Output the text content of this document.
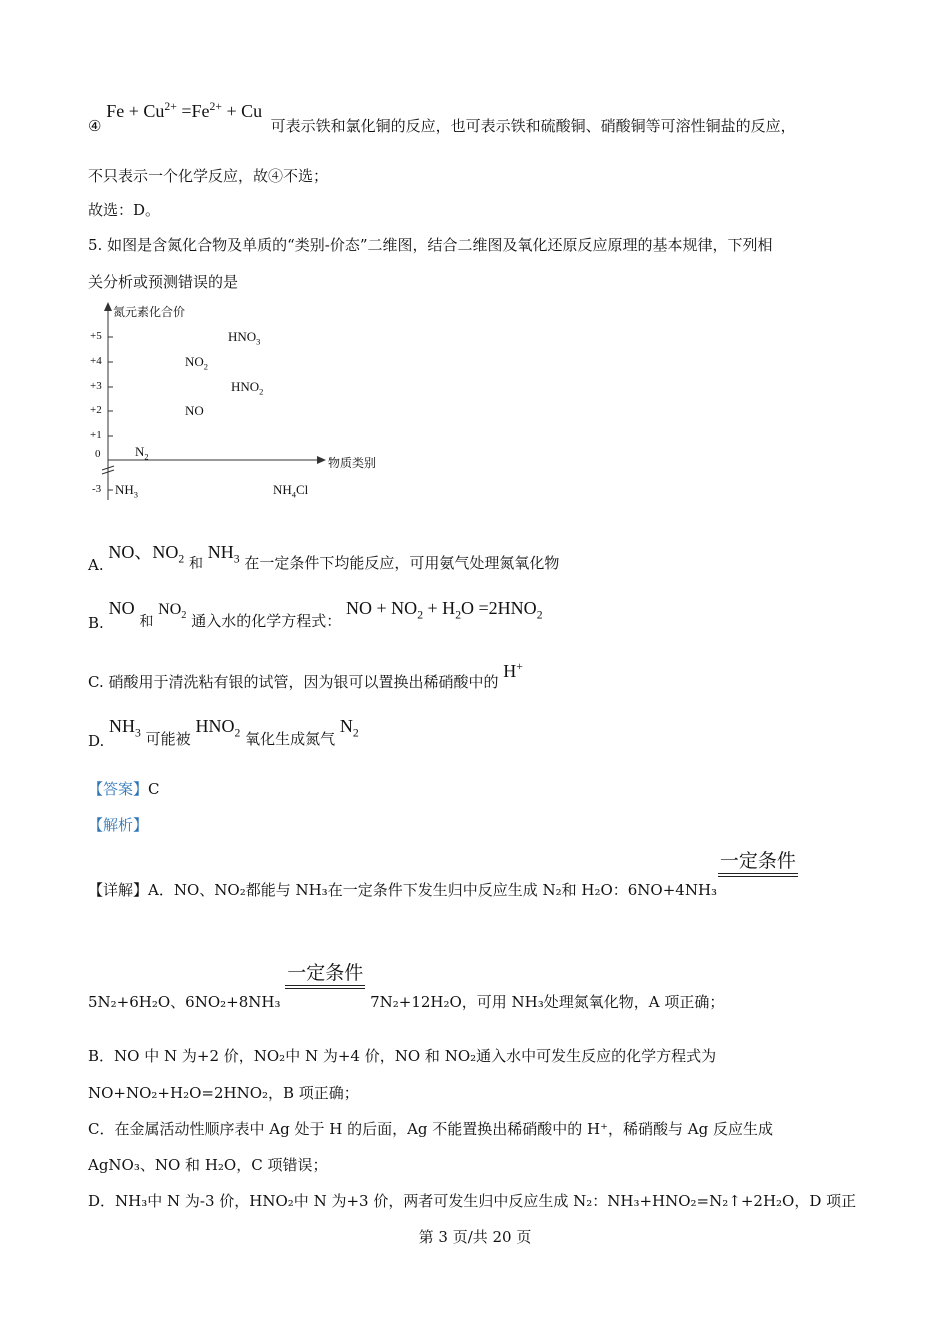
④ $Fe + Cu^{2+} =Fe^{2+} + Cu$ 可表示铁和氯化铜的反应，也可表示铁和硫酸铜、硝酸铜等可溶性铜盐的反应，
不只表示一个化学反应，故④不选；
故选：D。
5. 如图是含氮化合物及单质的“类别-价态”二维图，结合二维图及氧化还原反应原理的基本规律，下列相
关分析或预测错误的是
氮元素化合价
物质类别
+5
+4
+3
+2
+1
0
-3
$HNO_3$
$NO_2$
$HNO_2$
NO
$N_2$
$NH_3$	$NH_4Cl$
A. NO、$NO_2$ 和 $NH_3$ 在一定条件下均能反应，可用氨气处理氮氧化物
B. NO 和 $NO_2$ 通入水的化学方程式： NO + $NO_2 + H_2O =2HNO_2$
C. 硝酸用于清洗粘有银的试管，因为银可以置换出稀硝酸中的 H+
D. $NH_3$ 可能被 $HNO_2$ 氧化生成氮气 $N_2$
【答案】C
【解析】
【详解】A．NO、NO₂都能与 NH₃在一定条件下发生归中反应生成 N₂和 H₂O：6NO+4NH₃
一定条件
5N₂+6H₂O、6NO₂+8NH₃
一定条件
7N₂+12H₂O，可用 NH₃处理氮氧化物，A 项正确；
B．NO 中 N 为+2 价，NO₂中 N 为+4 价，NO 和 NO₂通入水中可发生反应的化学方程式为
NO+NO₂+H₂O=2HNO₂，B 项正确；
C．在金属活动性顺序表中 Ag 处于 H 的后面，Ag 不能置换出稀硝酸中的 H⁺，稀硝酸与 Ag 反应生成
AgNO₃、NO 和 H₂O，C 项错误；
D．NH₃中 N 为-3 价，HNO₂中 N 为+3 价，两者可发生归中反应生成 N₂：NH₃+HNO₂=N₂↑+2H₂O，D 项正
第 3 页/共 20 页
